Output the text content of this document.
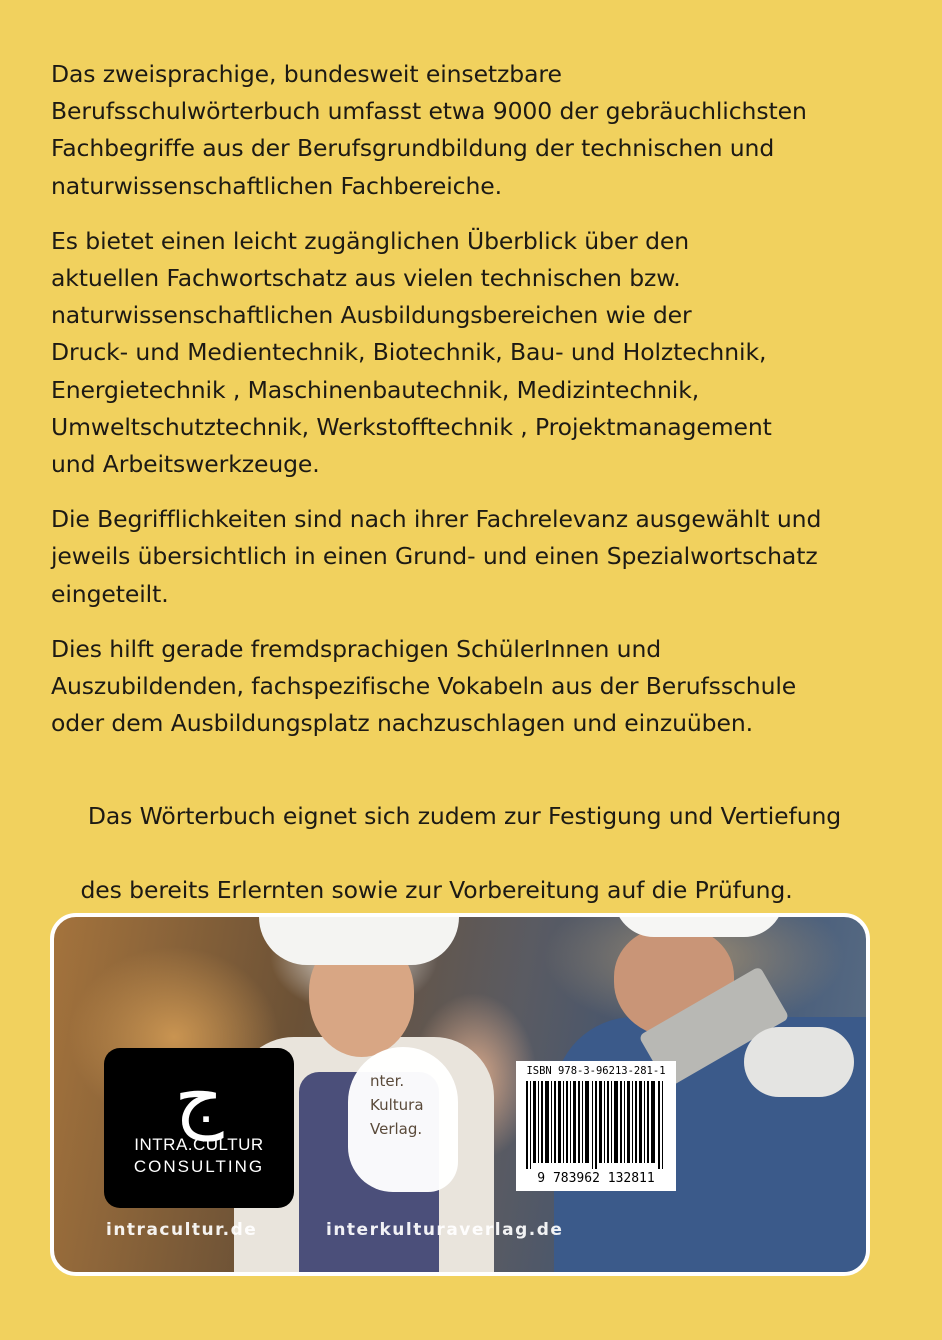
Das zweisprachige, bundesweit einsetzbare
Berufsschulwörterbuch umfasst etwa 9000 der gebräuchlichsten
Fachbegriffe aus der Berufsgrundbildung der technischen und
naturwissenschaftlichen Fachbereiche.

Es bietet einen leicht zugänglichen Überblick über den
aktuellen Fachwortschatz aus vielen technischen bzw.
naturwissenschaftlichen Ausbildungsbereichen wie der
Druck- und Medientechnik, Biotechnik, Bau- und Holztechnik,
Energietechnik , Maschinenbautechnik, Medizintechnik,
Umweltschutztechnik, Werkstofftechnik , Projektmanagement
und Arbeitswerkzeuge.

Die Begrifflichkeiten sind nach ihrer Fachrelevanz ausgewählt und
jeweils übersichtlich in einen Grund- und einen Spezialwortschatz
eingeteilt.

Dies hilft gerade fremdsprachigen SchülerInnen und
Auszubildenden, fachspezifische Vokabeln aus der Berufsschule
oder dem Ausbildungsplatz nachzuschlagen und einzuüben.

Das Wörterbuch eignet sich zudem zur Festigung und Vertiefung

des bereits Erlernten sowie zur Vorbereitung auf die Prüfung.

ج
INTRA.CULTUR
CONSULTING
nter.
Kultura
Verlag.
ISBN 978-3-96213-281-1
9 783962 132811
intracultur.de	interkulturaverlag.de
